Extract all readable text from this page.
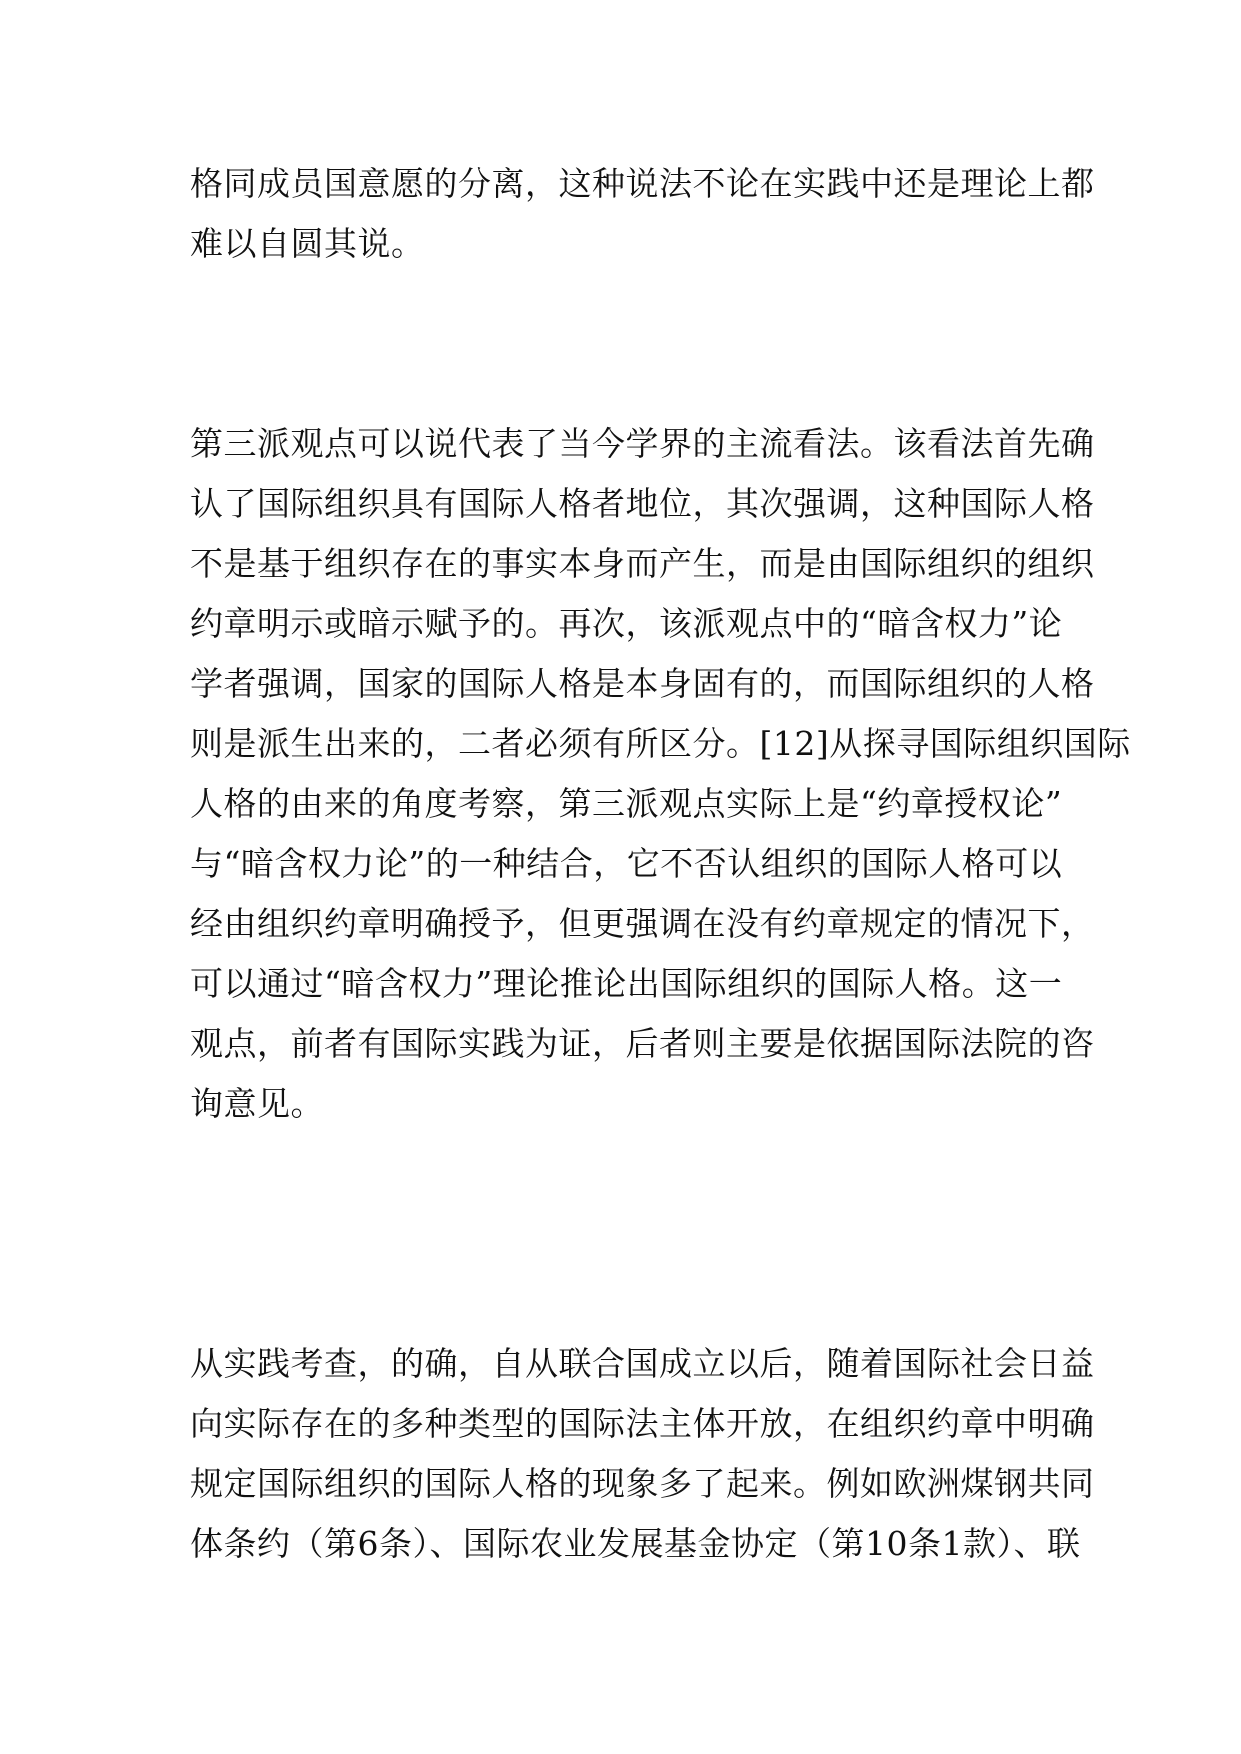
格同成员国意愿的分离，这种说法不论在实践中还是理论上都
难以自圆其说。
第三派观点可以说代表了当今学界的主流看法。该看法首先确
认了国际组织具有国际人格者地位，其次强调，这种国际人格
不是基于组织存在的事实本身而产生，而是由国际组织的组织
约章明示或暗示赋予的。再次，该派观点中的“暗含权力”论
学者强调，国家的国际人格是本身固有的，而国际组织的人格
则是派生出来的，二者必须有所区分。[12]从探寻国际组织国际
人格的由来的角度考察，第三派观点实际上是“约章授权论”
与“暗含权力论”的一种结合，它不否认组织的国际人格可以
经由组织约章明确授予，但更强调在没有约章规定的情况下，
可以通过“暗含权力”理论推论出国际组织的国际人格。这一
观点，前者有国际实践为证，后者则主要是依据国际法院的咨
询意见。
从实践考查，的确，自从联合国成立以后，随着国际社会日益
向实际存在的多种类型的国际法主体开放，在组织约章中明确
规定国际组织的国际人格的现象多了起来。例如欧洲煤钢共同
体条约（第6条）、国际农业发展基金协定（第10条1款）、联
